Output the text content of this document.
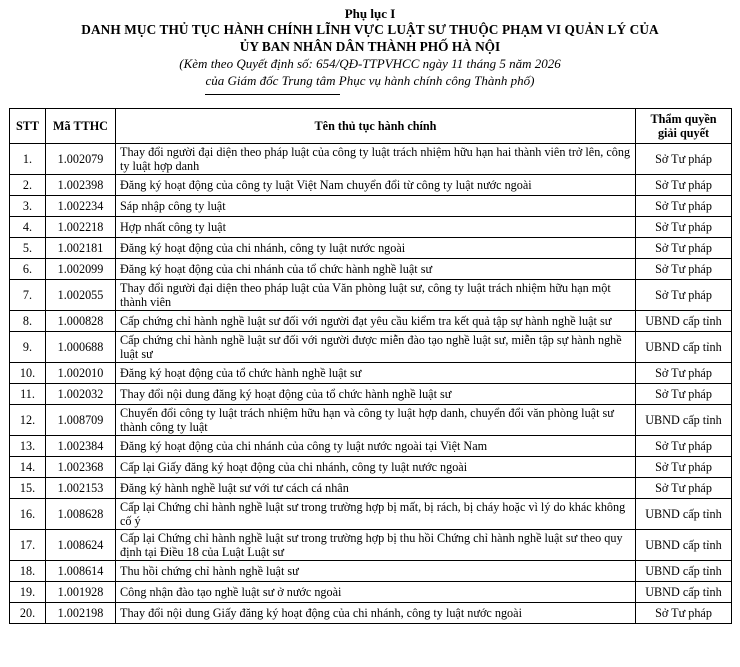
Phụ lục I
DANH MỤC THỦ TỤC HÀNH CHÍNH LĨNH VỰC LUẬT SƯ THUỘC PHẠM VI QUẢN LÝ CỦA
ỦY BAN NHÂN DÂN THÀNH PHỐ HÀ NỘI
(Kèm theo Quyết định số: 654/QĐ-TTPVHCC ngày 11 tháng 5 năm 2026
của Giám đốc Trung tâm Phục vụ hành chính công Thành phố)
STT	Mã TTHC	Tên thủ tục hành chính	Thẩm quyền giải quyết
1.	1.002079	Thay đổi người đại diện theo pháp luật của công ty luật trách nhiệm hữu hạn hai thành viên trở lên, công ty luật hợp danh	Sở Tư pháp
2.	1.002398	Đăng ký hoạt động của công ty luật Việt Nam chuyển đổi từ công ty luật nước ngoài	Sở Tư pháp
3.	1.002234	Sáp nhập công ty luật	Sở Tư pháp
4.	1.002218	Hợp nhất công ty luật	Sở Tư pháp
5.	1.002181	Đăng ký hoạt động của chi nhánh, công ty luật nước ngoài	Sở Tư pháp
6.	1.002099	Đăng ký hoạt động của chi nhánh của tổ chức hành nghề luật sư	Sở Tư pháp
7.	1.002055	Thay đổi người đại diện theo pháp luật của Văn phòng luật sư, công ty luật trách nhiệm hữu hạn một thành viên	Sở Tư pháp
8.	1.000828	Cấp chứng chỉ hành nghề luật sư đối với người đạt yêu cầu kiểm tra kết quả tập sự hành nghề luật sư	UBND cấp tỉnh
9.	1.000688	Cấp chứng chỉ hành nghề luật sư đối với người được miễn đào tạo nghề luật sư, miễn tập sự hành nghề luật sư	UBND cấp tỉnh
10.	1.002010	Đăng ký hoạt động của tổ chức hành nghề luật sư	Sở Tư pháp
11.	1.002032	Thay đổi nội dung đăng ký hoạt động của tổ chức hành nghề luật sư	Sở Tư pháp
12.	1.008709	Chuyển đổi công ty luật trách nhiệm hữu hạn và công ty luật hợp danh, chuyển đổi văn phòng luật sư thành công ty luật	UBND cấp tỉnh
13.	1.002384	Đăng ký hoạt động của chi nhánh của công ty luật nước ngoài tại Việt Nam	Sở Tư pháp
14.	1.002368	Cấp lại Giấy đăng ký hoạt động của chi nhánh, công ty luật nước ngoài	Sở Tư pháp
15.	1.002153	Đăng ký hành nghề luật sư với tư cách cá nhân	Sở Tư pháp
16.	1.008628	Cấp lại Chứng chỉ hành nghề luật sư trong trường hợp bị mất, bị rách, bị cháy hoặc vì lý do khác không cố ý	UBND cấp tỉnh
17.	1.008624	Cấp lại Chứng chỉ hành nghề luật sư trong trường hợp bị thu hồi Chứng chỉ hành nghề luật sư theo quy định tại Điều 18 của Luật Luật sư	UBND cấp tỉnh
18.	1.008614	Thu hồi chứng chỉ hành nghề luật sư	UBND cấp tỉnh
19.	1.001928	Công nhận đào tạo nghề luật sư ở nước ngoài	UBND cấp tỉnh
20.	1.002198	Thay đổi nội dung Giấy đăng ký hoạt động của chi nhánh, công ty luật nước ngoài	Sở Tư pháp
